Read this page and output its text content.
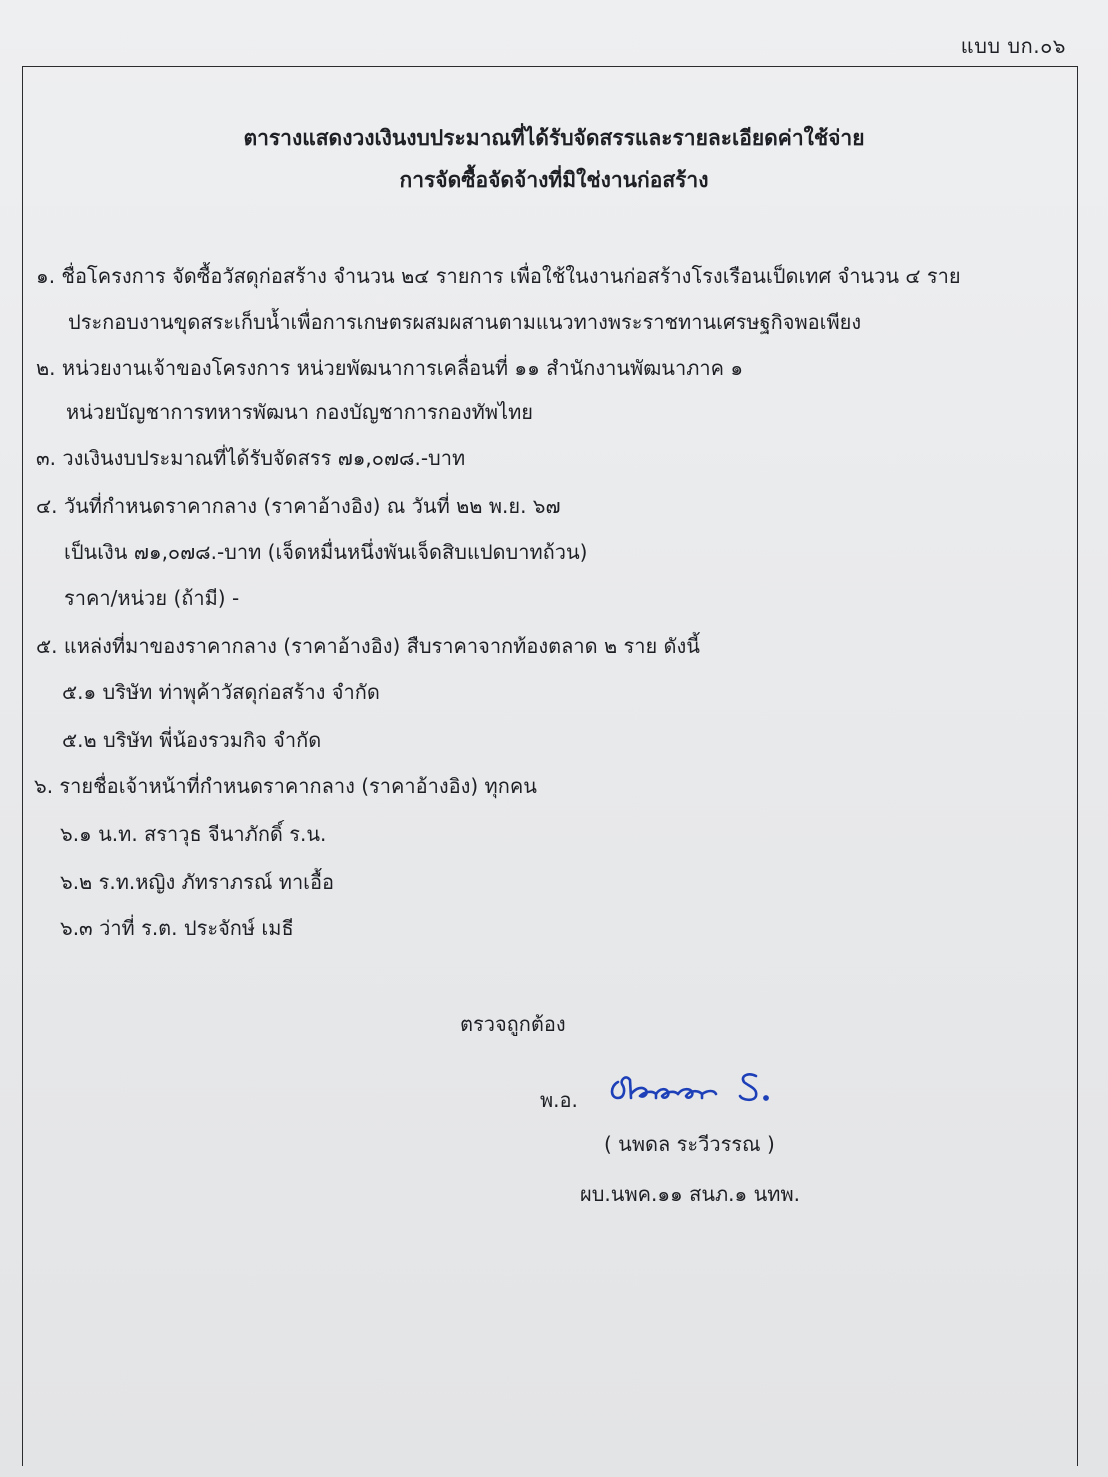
แบบ บก.๐๖
ตารางแสดงวงเงินงบประมาณที่ได้รับจัดสรรและรายละเอียดค่าใช้จ่าย
การจัดซื้อจัดจ้างที่มิใช่งานก่อสร้าง
๑. ชื่อโครงการ จัดซื้อวัสดุก่อสร้าง จำนวน ๒๔ รายการ เพื่อใช้ในงานก่อสร้างโรงเรือนเป็ดเทศ จำนวน ๔ ราย
ประกอบงานขุดสระเก็บน้ำเพื่อการเกษตรผสมผสานตามแนวทางพระราชทานเศรษฐกิจพอเพียง
๒. หน่วยงานเจ้าของโครงการ หน่วยพัฒนาการเคลื่อนที่ ๑๑ สำนักงานพัฒนาภาค ๑
หน่วยบัญชาการทหารพัฒนา กองบัญชาการกองทัพไทย
๓. วงเงินงบประมาณที่ได้รับจัดสรร ๗๑,๐๗๘.-บาท
๔. วันที่กำหนดราคากลาง (ราคาอ้างอิง) ณ วันที่ ๒๒ พ.ย. ๖๗
เป็นเงิน ๗๑,๐๗๘.-บาท (เจ็ดหมื่นหนึ่งพันเจ็ดสิบแปดบาทถ้วน)
ราคา/หน่วย (ถ้ามี) -
๕. แหล่งที่มาของราคากลาง (ราคาอ้างอิง) สืบราคาจากท้องตลาด ๒ ราย ดังนี้
๕.๑ บริษัท ท่าพุค้าวัสดุก่อสร้าง จำกัด
๕.๒ บริษัท พี่น้องรวมกิจ จำกัด
๖. รายชื่อเจ้าหน้าที่กำหนดราคากลาง (ราคาอ้างอิง) ทุกคน
๖.๑ น.ท. สราวุธ จีนาภักดิ์ ร.น.
๖.๒ ร.ท.หญิง ภัทราภรณ์ ทาเอื้อ
๖.๓ ว่าที่ ร.ต. ประจักษ์ เมธี
ตรวจถูกต้อง
พ.อ.
( นพดล ระวีวรรณ )
ผบ.นพค.๑๑ สนภ.๑ นทพ.
